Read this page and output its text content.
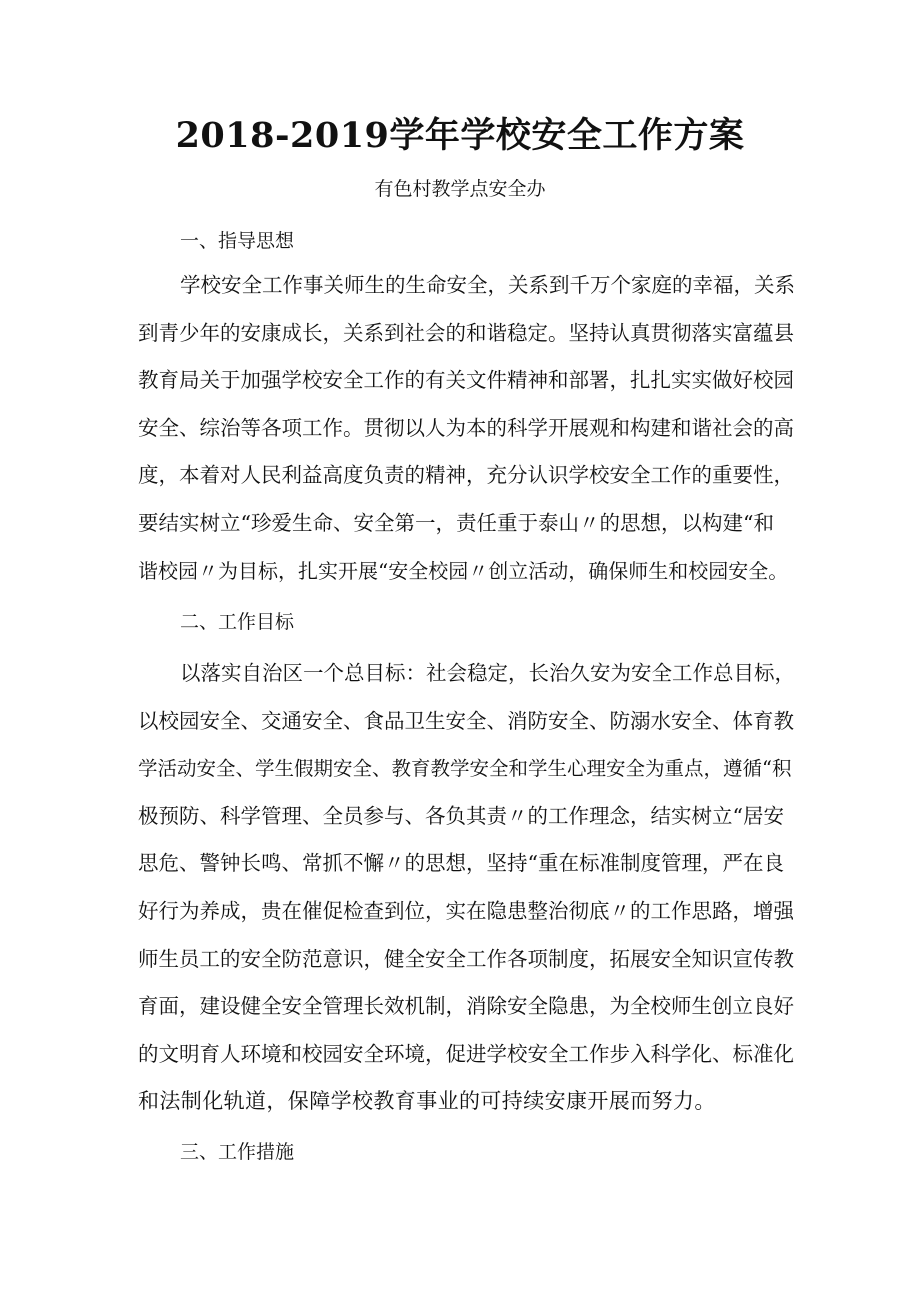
2018-2019学年学校安全工作方案
有色村教学点安全办
一、指导思想
学校安全工作事关师生的生命安全，关系到千万个家庭的幸福，关系
到青少年的安康成长，关系到社会的和谐稳定。坚持认真贯彻落实富蕴县
教育局关于加强学校安全工作的有关文件精神和部署，扎扎实实做好校园
安全、综治等各项工作。贯彻以人为本的科学开展观和构建和谐社会的高
度，本着对人民利益高度负责的精神，充分认识学校安全工作的重要性，
要结实树立“珍爱生命、安全第一，责任重于泰山〃的思想，以构建“和
谐校园〃为目标，扎实开展“安全校园〃创立活动，确保师生和校园安全。
二、工作目标
以落实自治区一个总目标：社会稳定，长治久安为安全工作总目标，
以校园安全、交通安全、食品卫生安全、消防安全、防溺水安全、体育教
学活动安全、学生假期安全、教育教学安全和学生心理安全为重点，遵循“积
极预防、科学管理、全员参与、各负其责〃的工作理念，结实树立“居安
思危、警钟长鸣、常抓不懈〃的思想，坚持“重在标准制度管理，严在良
好行为养成，贵在催促检查到位，实在隐患整治彻底〃的工作思路，增强
师生员工的安全防范意识，健全安全工作各项制度，拓展安全知识宣传教
育面，建设健全安全管理长效机制，消除安全隐患，为全校师生创立良好
的文明育人环境和校园安全环境，促进学校安全工作步入科学化、标准化
和法制化轨道，保障学校教育事业的可持续安康开展而努力。
三、工作措施
